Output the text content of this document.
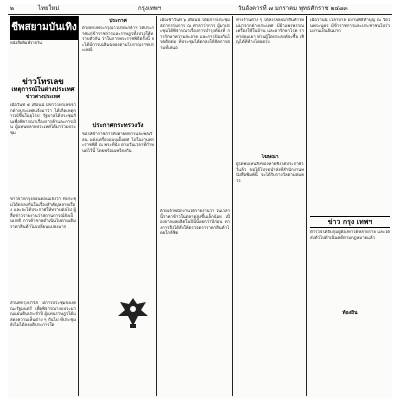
๒	ไทยใหม่	กรุงเทพฯ	วันอังคารที่ ๗ มกราคม พุทธศักราช ๒๔๗๓
ชีพสยามบันเทิง
หนังสือพิมพ์รายวัน
ข่าวโทรเลข
เหตุการณ์ในต่างประเทศ
ข่าวต่างประเทศ
เมื่อวันที่ ๕ เดือนนี้ มีข่าวโทรเลขจากต่างประเทศแจ้งมาว่า ได้เกิดเหตุการณ์ขึ้นในยุโรป รัฐบาลได้ประชุมกันเพื่อพิจารณาเรื่องการค้าและการเงิน ผู้แทนหลายประเทศได้มาร่วมประชุม
ข่าวจากกรุงลอนดอนแจ้งว่า ที่ประชุมได้ตกลงกันในเรื่องสำคัญหลายเรื่อง และจะได้ประกาศให้ทราบต่อไป ผู้สื่อข่าวรายงานว่าสถานการณ์ยังเป็นปกติ การค้าขายดำเนินไปตามเดิม ราคาสินค้าไม่เปลี่ยนแปลงมาก
ส่วนที่กรุงปารีส มีการประชุมของคณะรัฐมนตรี เพื่อพิจารณางบประมาณแผ่นดินประจำปี ผู้แทนราษฎรได้แสดงความเห็นต่าง ๆ กันไป ที่ประชุมยังไม่ได้ลงมติประการใด
ประกาศ
ด้วยทรงพระกรุณาโปรดเกล้าฯ ให้ประกาศแก่ข้าราชการและราษฎรทั้งปวงให้ทราบทั่วกัน ว่าในการพระราชพิธีครั้งนี้ จะได้มีการเฉลิมฉลองตามโบราณราชประเพณี
ประกาศกระทรวงวัง
ขอให้ข้าราชการทั้งฝ่ายทหารและพลเรือน แต่งเครื่องแบบเต็มยศ ไปในงานพระราชพิธี ณ พระที่นั่ง ตามวันเวลาที่กำหนดไว้นี้ โดยพร้อมเพรียงกัน
เมื่อเช้าวันที่ ๖ เดือนนี้ ได้มีการประชุมสภากรรมการ ณ ศาลาว่าการ ผู้มาประชุมได้พิจารณาเรื่องการบำรุงท้องที่ การรักษาความสะอาด และการป้องกันโรคติดต่อ ที่ประชุมได้ตกลงให้จัดการตามที่เสนอ
ด้วยเจ้าพนักงานได้รายงานว่า ในเวลานี้ราคาข้าวในตลาดสูงขึ้นเล็กน้อย เนื่องจากผลผลิตในปีนี้น้อยกว่าปีก่อน ทางการจึงได้สั่งให้ตรวจตราราคาสินค้าโดยใกล้ชิด
ห้างร้านต่าง ๆ ได้ลงโฆษณาสินค้าใหม่มาจากต่างประเทศ มีผ้าแพรพรรณ เครื่องใช้ในบ้าน และยารักษาโรค ราคาย่อมเยา ท่านผู้ใดประสงค์จะซื้อ เชิญได้ที่ห้างโดยตรง
โฆษณา
ผู้ใดพบเห็นสิ่งของหายซึ่งได้ประกาศไว้แล้ว ขอได้โปรดนำส่งที่สำนักงานหนังสือพิมพ์นี้ จะได้รับรางวัลตามสมควร
เมื่อวานนี้ เวลาบ่าย มีงานพิธีทำบุญ ณ วัดในพระนคร มีข้าราชการและประชาชนไปร่วมงานเป็นอันมาก
ข่าว กรุง เทพฯ
ตำรวจได้จับกุมผู้ต้องหาได้หลายราย และได้ส่งตัวไปดำเนินคดีตามกฎหมายแล้ว
ท้องถิ่น
